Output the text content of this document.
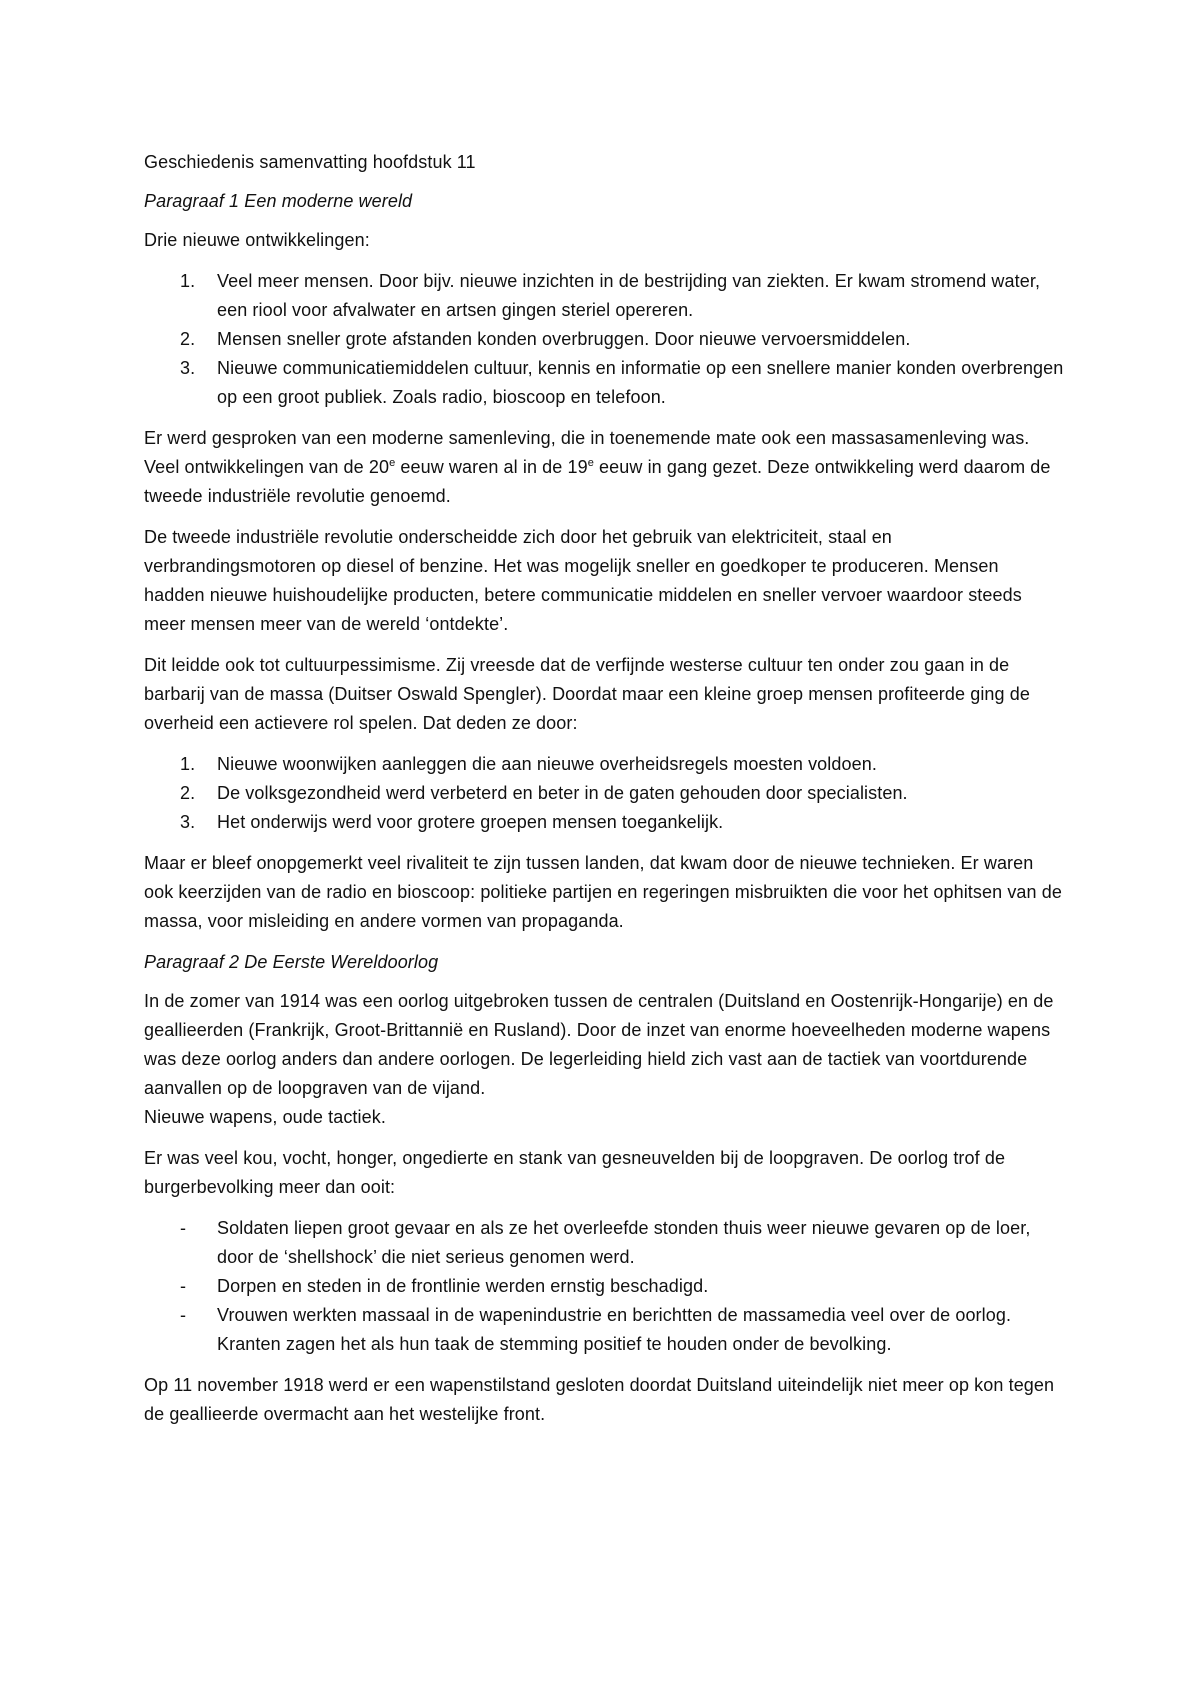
Geschiedenis samenvatting hoofdstuk 11

Paragraaf 1 Een moderne wereld

Drie nieuwe ontwikkelingen:

1. Veel meer mensen. Door bijv. nieuwe inzichten in de bestrijding van ziekten. Er kwam stromend water, een riool voor afvalwater en artsen gingen steriel opereren.
2. Mensen sneller grote afstanden konden overbruggen. Door nieuwe vervoersmiddelen.
3. Nieuwe communicatiemiddelen cultuur, kennis en informatie op een snellere manier konden overbrengen op een groot publiek. Zoals radio, bioscoop en telefoon.

Er werd gesproken van een moderne samenleving, die in toenemende mate ook een massasamenleving was. Veel ontwikkelingen van de 20e eeuw waren al in de 19e eeuw in gang gezet. Deze ontwikkeling werd daarom de tweede industriële revolutie genoemd.

De tweede industriële revolutie onderscheidde zich door het gebruik van elektriciteit, staal en verbrandingsmotoren op diesel of benzine. Het was mogelijk sneller en goedkoper te produceren. Mensen hadden nieuwe huishoudelijke producten, betere communicatie middelen en sneller vervoer waardoor steeds meer mensen meer van de wereld ‘ontdekte’.

Dit leidde ook tot cultuurpessimisme. Zij vreesde dat de verfijnde westerse cultuur ten onder zou gaan in de barbarij van de massa (Duitser Oswald Spengler). Doordat maar een kleine groep mensen profiteerde ging de overheid een actievere rol spelen. Dat deden ze door:

1. Nieuwe woonwijken aanleggen die aan nieuwe overheidsregels moesten voldoen.
2. De volksgezondheid werd verbeterd en beter in de gaten gehouden door specialisten.
3. Het onderwijs werd voor grotere groepen mensen toegankelijk.

Maar er bleef onopgemerkt veel rivaliteit te zijn tussen landen, dat kwam door de nieuwe technieken. Er waren ook keerzijden van de radio en bioscoop: politieke partijen en regeringen misbruikten die voor het ophitsen van de massa, voor misleiding en andere vormen van propaganda.

Paragraaf 2 De Eerste Wereldoorlog

In de zomer van 1914 was een oorlog uitgebroken tussen de centralen (Duitsland en Oostenrijk-Hongarije) en de geallieerden (Frankrijk, Groot-Brittannië en Rusland). Door de inzet van enorme hoeveelheden moderne wapens was deze oorlog anders dan andere oorlogen. De legerleiding hield zich vast aan de tactiek van voortdurende aanvallen op de loopgraven van de vijand.
Nieuwe wapens, oude tactiek.

Er was veel kou, vocht, honger, ongedierte en stank van gesneuvelden bij de loopgraven. De oorlog trof de burgerbevolking meer dan ooit:

- Soldaten liepen groot gevaar en als ze het overleefde stonden thuis weer nieuwe gevaren op de loer, door de ‘shellshock’ die niet serieus genomen werd.
- Dorpen en steden in de frontlinie werden ernstig beschadigd.
- Vrouwen werkten massaal in de wapenindustrie en berichtten de massamedia veel over de oorlog. Kranten zagen het als hun taak de stemming positief te houden onder de bevolking.

Op 11 november 1918 werd er een wapenstilstand gesloten doordat Duitsland uiteindelijk niet meer op kon tegen de geallieerde overmacht aan het westelijke front.
